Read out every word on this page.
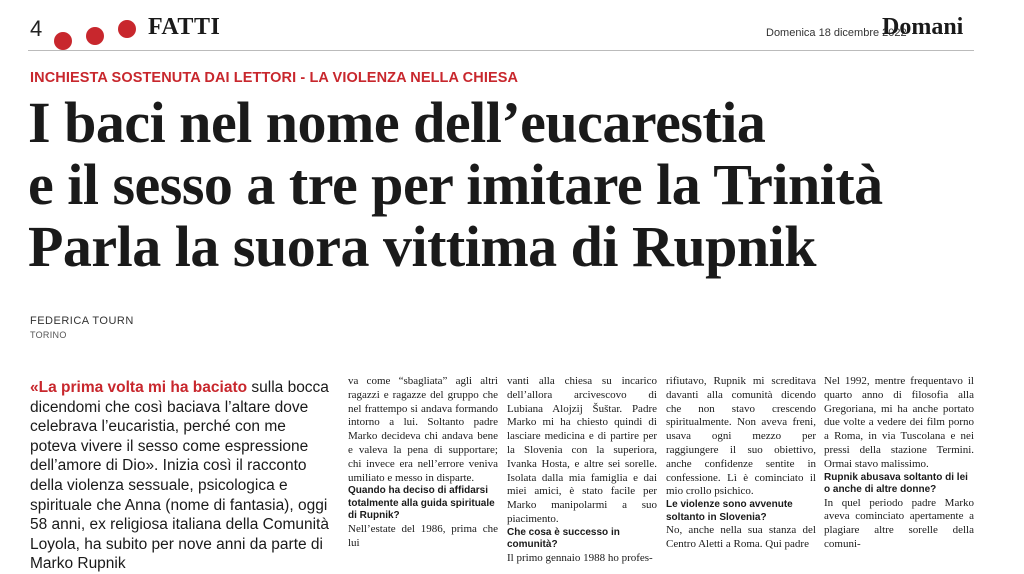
4	FATTI	Domenica 18 dicembre 2022
Domani
INCHIESTA SOSTENUTA DAI LETTORI - LA VIOLENZA NELLA CHIESA
I baci nel nome dell’eucarestia
e il sesso a tre per imitare la Trinità
Parla la suora vittima di Rupnik
FEDERICA TOURN
TORINO
«La prima volta mi ha baciato sulla bocca dicendomi che così baciava l’altare dove celebrava l’eucaristia, perché con me poteva vivere il sesso come espressione dell’amore di Dio». Inizia così il racconto della violenza sessuale, psicologica e spirituale che Anna (nome di fantasia), oggi 58 anni, ex religiosa italiana della Comunità Loyola, ha subito per nove anni da parte di Marko Rupnik

va come “sbagliata” agli altri ragazzi e ragazze del gruppo che nel frattempo si andava formando intorno a lui. Soltanto padre Marko decideva chi andava bene e valeva la pena di supportare; chi invece era nell’errore veniva umiliato e messo in disparte.

Quando ha deciso di affidarsi totalmente alla guida spirituale di Rupnik?

Nell’estate del 1986, prima che lui

vanti alla chiesa su incarico dell’allora arcivescovo di Lubiana Alojzij Šuštar. Padre Marko mi ha chiesto quindi di lasciare medicina e di partire per la Slovenia con la superiora, Ivanka Hosta, e altre sei sorelle. Isolata dalla mia famiglia e dai miei amici, è stato facile per Marko manipolarmi a suo piacimento.

Che cosa è successo in comunità?

Il primo gennaio 1988 ho profes-

rifiutavo, Rupnik mi screditava davanti alla comunità dicendo che non stavo crescendo spiritualmente. Non aveva freni, usava ogni mezzo per raggiungere il suo obiettivo, anche confidenze sentite in confessione. Lì è cominciato il mio crollo psichico.

Le violenze sono avvenute soltanto in Slovenia?

No, anche nella sua stanza del Centro Aletti a Roma. Qui padre

Nel 1992, mentre frequentavo il quarto anno di filosofia alla Gregoriana, mi ha anche portato due volte a vedere dei film porno a Roma, in via Tuscolana e nei pressi della stazione Termini. Ormai stavo malissimo.

Rupnik abusava soltanto di lei o anche di altre donne?

In quel periodo padre Marko aveva cominciato apertamente a plagiare altre sorelle della comuni-
